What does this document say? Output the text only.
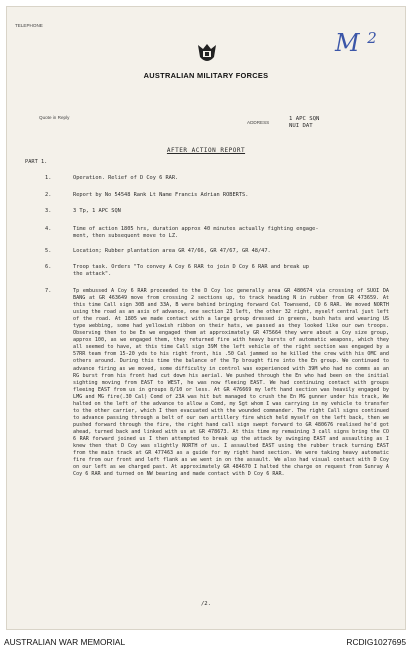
TELEPHONE
Quote in Reply
ADDRESS
AUSTRALIAN MILITARY FORCES
M $^2$
1 APC SQN
NUI DAT
AFTER ACTION REPORT
PART 1.
1.	Operation. Relief of D Coy 6 RAR.
2.	Report by No 54548 Rank Lt Name Francis Adrian ROBERTS.
3.	3 Tp, 1 APC SQN
4.	Time of action 1805 hrs, duration approx 40 minutes actually fighting engage-
ment, then subsequent move to LZ.
5.	Location; Rubber plantation area GR 47/66, GR 47/67, GR 48/47.
6.	Troop task. Orders "To convey A Coy 6 RAR to join D Coy 6 RAR and break up
the attack".
7.	Tp embussed A Coy 6 RAR proceeded to the D Coy loc generally area GR 480674 via crossing of SUOI DA BANG at GR 463649 move from crossing 2 sections up, to track heading N in rubber from GR 473659. At this time Call sign 30B and 33A, B were behind bringing forward Col Townsend, CO 6 RAR. We moved NORTH using the road as an axis of advance, one section 23 left, the other 32 right, myself central just left of the road. At 1805 we made contact with a large group dressed in greens, bush hats and wearing US type webbing, some had yellowish ribbon on their hats, we passed as they looked like our own troops. Observing then to be En we engaged them at approximately GR 475664 they were about a Coy size group, approx 100, as we engaged them, they returned fire with heavy bursts of automatic weapons, which they all seemed to have, at this time Call sign 39M the left vehicle of the right section was engaged by a 57RR team from 15-20 yds to his right front, his .50 Cal jammed so he killed the crew with his OMC and others around. During this time the balance of the Tp brought fire into the En group. We continued to advance firing as we moved, some difficulty in control was experienced with 39M who had no comms as an RG burst from his front had cut down his aerial. We pushed through the En who had been on the initial sighting moving from EAST to WEST, he was now fleeing EAST. We had continuing contact with groups fleeing EAST from us in groups 8/10 or less. At GR 476669 my left hand section was heavily engaged by LMG and MG fire(.30 Cal) Comd of 23A was hit but managed to crush the En MG gunner under his track, We halted on the left of the advance to allow a Comd, my Sgt whom I was carrying in my vehicle to transfer to the other carrier, which I then evacuated with the wounded commander. The right Call signs continued to advance passing through a belt of our own artillery fire which held myself on the left back, then we pushed forward through the fire, the right hand call sign swept forward to GR 480676 realised he'd got ahead, turned back and linked with us at GR 478673. At this time my remaining 3 call signs bring the CO 6 RAR forward joined us I then attempted to break up the attack by swinging EAST and assaulting as I knew then that D Coy was slightly NORTH of us. I assaulted EAST using the rubber track turning EAST from the main track at GR 477463 as a guide for my right hand section. We were taking heavy automatic fire from our front and left flank as we went in on the assault. We also had visual contact with D Coy on our left as we charged past. At approximately GR 484670 I halted the charge on request from Sunray A Coy 6 RAR and turned on NW bearing and made contact with D Coy 6 RAR.
/2.
AUSTRALIAN WAR MEMORIAL	RCDIG1027695
